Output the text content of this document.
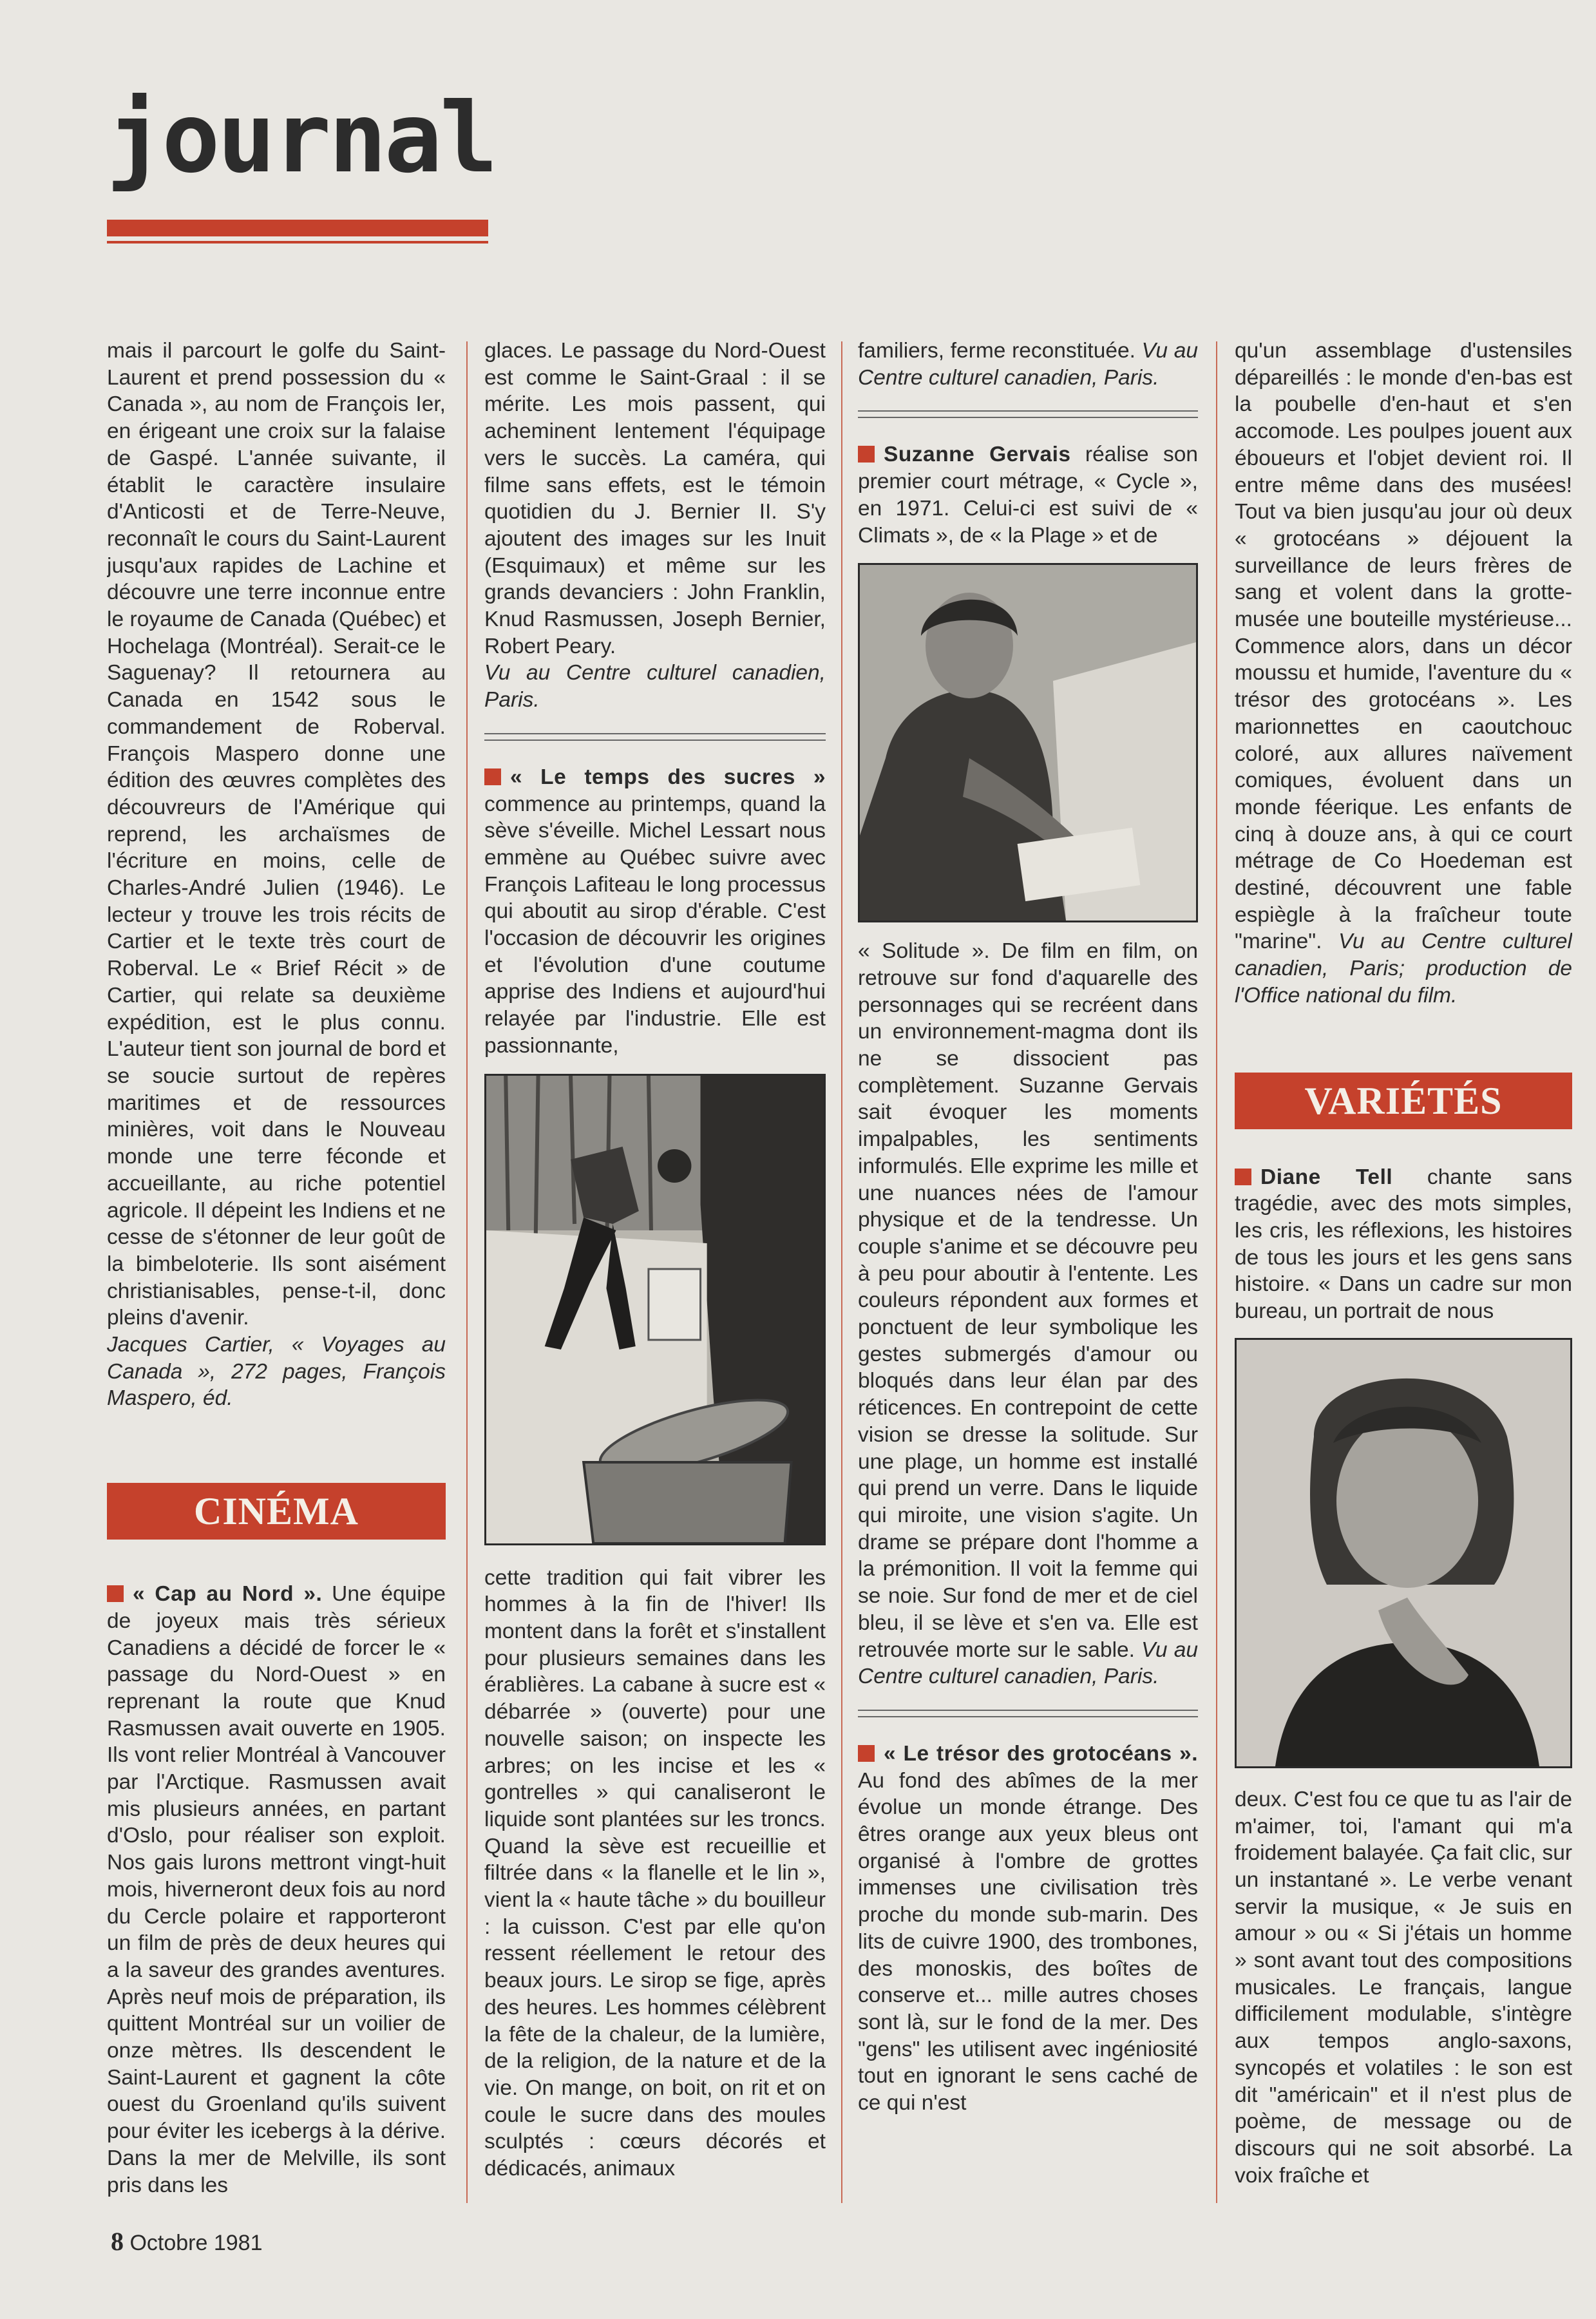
journal

mais il parcourt le golfe du Saint-Laurent et prend possession du « Canada », au nom de François Ier, en érigeant une croix sur la falaise de Gaspé. L'année suivante, il établit le caractère insulaire d'Anticosti et de Terre-Neuve, reconnaît le cours du Saint-Laurent jusqu'aux rapides de Lachine et découvre une terre inconnue entre le royaume de Canada (Québec) et Hochelaga (Montréal). Serait-ce le Saguenay? Il retournera au Canada en 1542 sous le commandement de Roberval. François Maspero donne une édition des œuvres complètes des découvreurs de l'Amérique qui reprend, les archaïsmes de l'écriture en moins, celle de Charles-André Julien (1946). Le lecteur y trouve les trois récits de Cartier et le texte très court de Roberval. Le « Brief Récit » de Cartier, qui relate sa deuxième expédition, est le plus connu. L'auteur tient son journal de bord et se soucie surtout de repères maritimes et de ressources minières, voit dans le Nouveau monde une terre féconde et accueillante, au riche potentiel agricole. Il dépeint les Indiens et ne cesse de s'étonner de leur goût de la bimbeloterie. Ils sont aisément christianisables, pense-t-il, donc pleins d'avenir.

Jacques Cartier, « Voyages au Canada », 272 pages, François Maspero, éd.

CINÉMA

« Cap au Nord ». Une équipe de joyeux mais très sérieux Canadiens a décidé de forcer le « passage du Nord-Ouest » en reprenant la route que Knud Rasmussen avait ouverte en 1905. Ils vont relier Montréal à Vancouver par l'Arctique. Rasmussen avait mis plusieurs années, en partant d'Oslo, pour réaliser son exploit. Nos gais lurons mettront vingt-huit mois, hiverneront deux fois au nord du Cercle polaire et rapporteront un film de près de deux heures qui a la saveur des grandes aventures. Après neuf mois de préparation, ils quittent Montréal sur un voilier de onze mètres. Ils descendent le Saint-Laurent et gagnent la côte ouest du Groenland qu'ils suivent pour éviter les icebergs à la dérive. Dans la mer de Melville, ils sont pris dans les

glaces. Le passage du Nord-Ouest est comme le Saint-Graal : il se mérite. Les mois passent, qui acheminent lentement l'équipage vers le succès. La caméra, qui filme sans effets, est le témoin quotidien du J. Bernier II. S'y ajoutent des images sur les Inuit (Esquimaux) et même sur les grands devanciers : John Franklin, Knud Rasmussen, Joseph Bernier, Robert Peary.

Vu au Centre culturel canadien, Paris.

« Le temps des sucres » commence au printemps, quand la sève s'éveille. Michel Lessart nous emmène au Québec suivre avec François Lafiteau le long processus qui aboutit au sirop d'érable. C'est l'occasion de découvrir les origines et l'évolution d'une coutume apprise des Indiens et aujourd'hui relayée par l'industrie. Elle est passionnante,

cette tradition qui fait vibrer les hommes à la fin de l'hiver! Ils montent dans la forêt et s'installent pour plusieurs semaines dans les érablières. La cabane à sucre est « débarrée » (ouverte) pour une nouvelle saison; on inspecte les arbres; on les incise et les « gontrelles » qui canaliseront le liquide sont plantées sur les troncs. Quand la sève est recueillie et filtrée dans « la flanelle et le lin », vient la « haute tâche » du bouilleur : la cuisson. C'est par elle qu'on ressent réellement le retour des beaux jours. Le sirop se fige, après des heures. Les hommes célèbrent la fête de la chaleur, de la lumière, de la religion, de la nature et de la vie. On mange, on boit, on rit et on coule le sucre dans des moules sculptés : cœurs décorés et dédicacés, animaux

familiers, ferme reconstituée. Vu au Centre culturel canadien, Paris.

Suzanne Gervais réalise son premier court métrage, « Cycle », en 1971. Celui-ci est suivi de « Climats », de « la Plage » et de

« Solitude ». De film en film, on retrouve sur fond d'aquarelle des personnages qui se recréent dans un environnement-magma dont ils ne se dissocient pas complètement. Suzanne Gervais sait évoquer les moments impalpables, les sentiments informulés. Elle exprime les mille et une nuances nées de l'amour physique et de la tendresse. Un couple s'anime et se découvre peu à peu pour aboutir à l'entente. Les couleurs répondent aux formes et ponctuent de leur symbolique les gestes submergés d'amour ou bloqués dans leur élan par des réticences. En contrepoint de cette vision se dresse la solitude. Sur une plage, un homme est installé qui prend un verre. Dans le liquide qui miroite, une vision s'agite. Un drame se prépare dont l'homme a la prémonition. Il voit la femme qui se noie. Sur fond de mer et de ciel bleu, il se lève et s'en va. Elle est retrouvée morte sur le sable. Vu au Centre culturel canadien, Paris.

« Le trésor des grotocéans ». Au fond des abîmes de la mer évolue un monde étrange. Des êtres orange aux yeux bleus ont organisé à l'ombre de grottes immenses une civilisation très proche du monde sub-marin. Des lits de cuivre 1900, des trombones, des monoskis, des boîtes de conserve et... mille autres choses sont là, sur le fond de la mer. Des "gens" les utilisent avec ingéniosité tout en ignorant le sens caché de ce qui n'est

qu'un assemblage d'ustensiles dépareillés : le monde d'en-bas est la poubelle d'en-haut et s'en accomode. Les poulpes jouent aux éboueurs et l'objet devient roi. Il entre même dans des musées! Tout va bien jusqu'au jour où deux « grotocéans » déjouent la surveillance de leurs frères de sang et volent dans la grotte-musée une bouteille mystérieuse... Commence alors, dans un décor moussu et humide, l'aventure du « trésor des grotocéans ». Les marionnettes en caoutchouc coloré, aux allures naïvement comiques, évoluent dans un monde féerique. Les enfants de cinq à douze ans, à qui ce court métrage de Co Hoedeman est destiné, découvrent une fable espiègle à la fraîcheur toute "marine". Vu au Centre culturel canadien, Paris; production de l'Office national du film.

VARIÉTÉS

Diane Tell chante sans tragédie, avec des mots simples, les cris, les réflexions, les histoires de tous les jours et les gens sans histoire. « Dans un cadre sur mon bureau, un portrait de nous

deux. C'est fou ce que tu as l'air de m'aimer, toi, l'amant qui m'a froidement balayée. Ça fait clic, sur un instantané ». Le verbe venant servir la musique, « Je suis en amour » ou « Si j'étais un homme » sont avant tout des compositions musicales. Le français, langue difficilement modulable, s'intègre aux tempos anglo-saxons, syncopés et volatiles : le son est dit "américain" et il n'est plus de poème, de message ou de discours qui ne soit absorbé. La voix fraîche et

8 Octobre 1981
